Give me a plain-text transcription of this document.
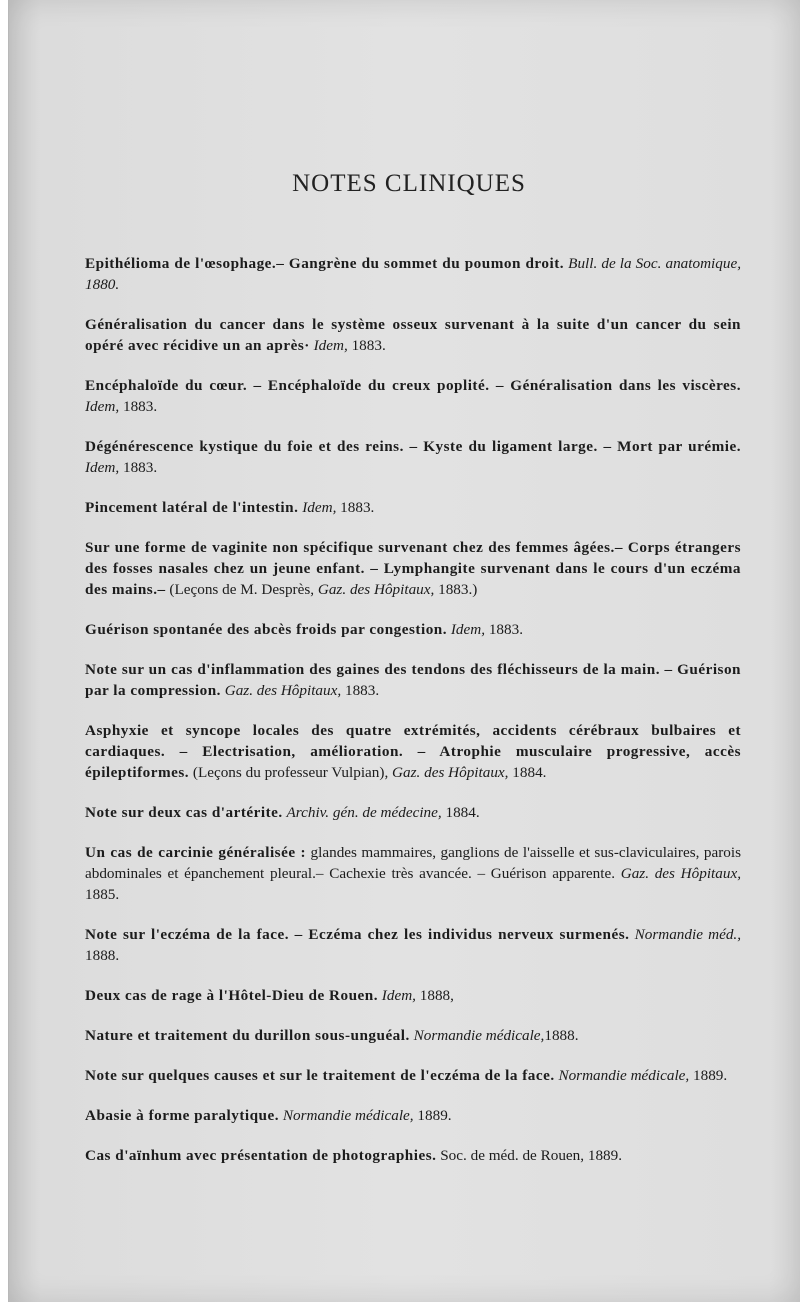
NOTES CLINIQUES

Epithélioma de l'œsophage.– Gangrène du sommet du poumon droit. Bull. de la Soc. anatomique, 1880.

Généralisation du cancer dans le système osseux survenant à la suite d'un cancer du sein opéré avec récidive un an après· Idem, 1883.

Encéphaloïde du cœur. – Encéphaloïde du creux poplité. – Généralisation dans les viscères. Idem, 1883.

Dégénérescence kystique du foie et des reins. – Kyste du ligament large. – Mort par urémie. Idem, 1883.

Pincement latéral de l'intestin. Idem, 1883.

Sur une forme de vaginite non spécifique survenant chez des femmes âgées.– Corps étrangers des fosses nasales chez un jeune enfant. – Lymphangite survenant dans le cours d'un eczéma des mains.– (Leçons de M. Desprès, Gaz. des Hôpitaux, 1883.)

Guérison spontanée des abcès froids par congestion. Idem, 1883.

Note sur un cas d'inflammation des gaines des tendons des fléchisseurs de la main. – Guérison par la compression. Gaz. des Hôpitaux, 1883.

Asphyxie et syncope locales des quatre extrémités, accidents cérébraux bulbaires et cardiaques. – Electrisation, amélioration. – Atrophie musculaire progressive, accès épileptiformes. (Leçons du professeur Vulpian), Gaz. des Hôpitaux, 1884.

Note sur deux cas d'artérite. Archiv. gén. de médecine, 1884.

Un cas de carcinie généralisée : glandes mammaires, ganglions de l'aisselle et sus-claviculaires, parois abdominales et épanchement pleural.– Cachexie très avancée. – Guérison apparente. Gaz. des Hôpitaux, 1885.

Note sur l'eczéma de la face. – Eczéma chez les individus nerveux surmenés. Normandie méd., 1888.

Deux cas de rage à l'Hôtel-Dieu de Rouen. Idem, 1888,

Nature et traitement du durillon sous-unguéal. Normandie médicale,1888.

Note sur quelques causes et sur le traitement de l'eczéma de la face. Normandie médicale, 1889.

Abasie à forme paralytique. Normandie médicale, 1889.

Cas d'aïnhum avec présentation de photographies. Soc. de méd. de Rouen, 1889.
